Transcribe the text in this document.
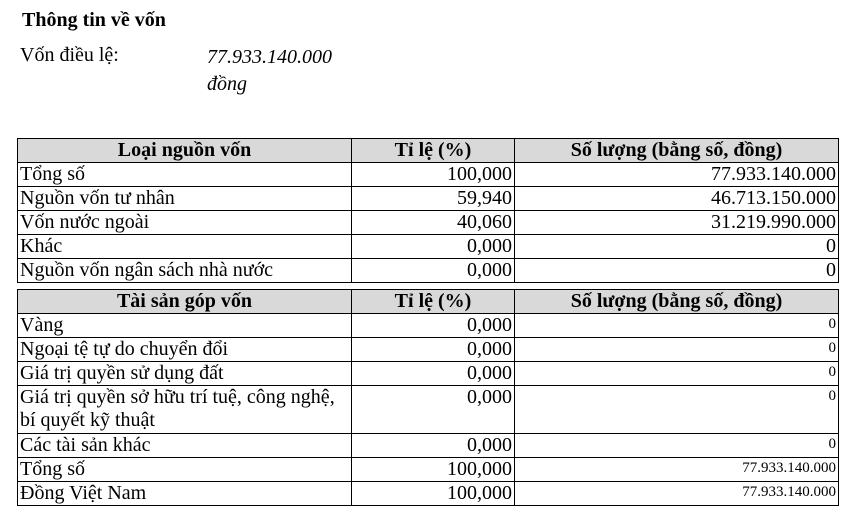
Thông tin về vốn
Vốn điều lệ:	77.933.140.000
đồng
Loại nguồn vốn	Tỉ lệ (%)	Số lượng (bằng số, đồng)
Tổng số	100,000	77.933.140.000
Nguồn vốn tư nhân	59,940	46.713.150.000
Vốn nước ngoài	40,060	31.219.990.000
Khác	0,000	0
Nguồn vốn ngân sách nhà nước	0,000	0
Tài sản góp vốn	Tỉ lệ (%)	Số lượng (bằng số, đồng)
Vàng	0,000	0
Ngoại tệ tự do chuyển đổi	0,000	0
Giá trị quyền sử dụng đất	0,000	0
Giá trị quyền sở hữu trí tuệ, công nghệ, bí quyết kỹ thuật	0,000	0
Các tài sản khác	0,000	0
Tổng số	100,000	77.933.140.000
Đồng Việt Nam	100,000	77.933.140.000
